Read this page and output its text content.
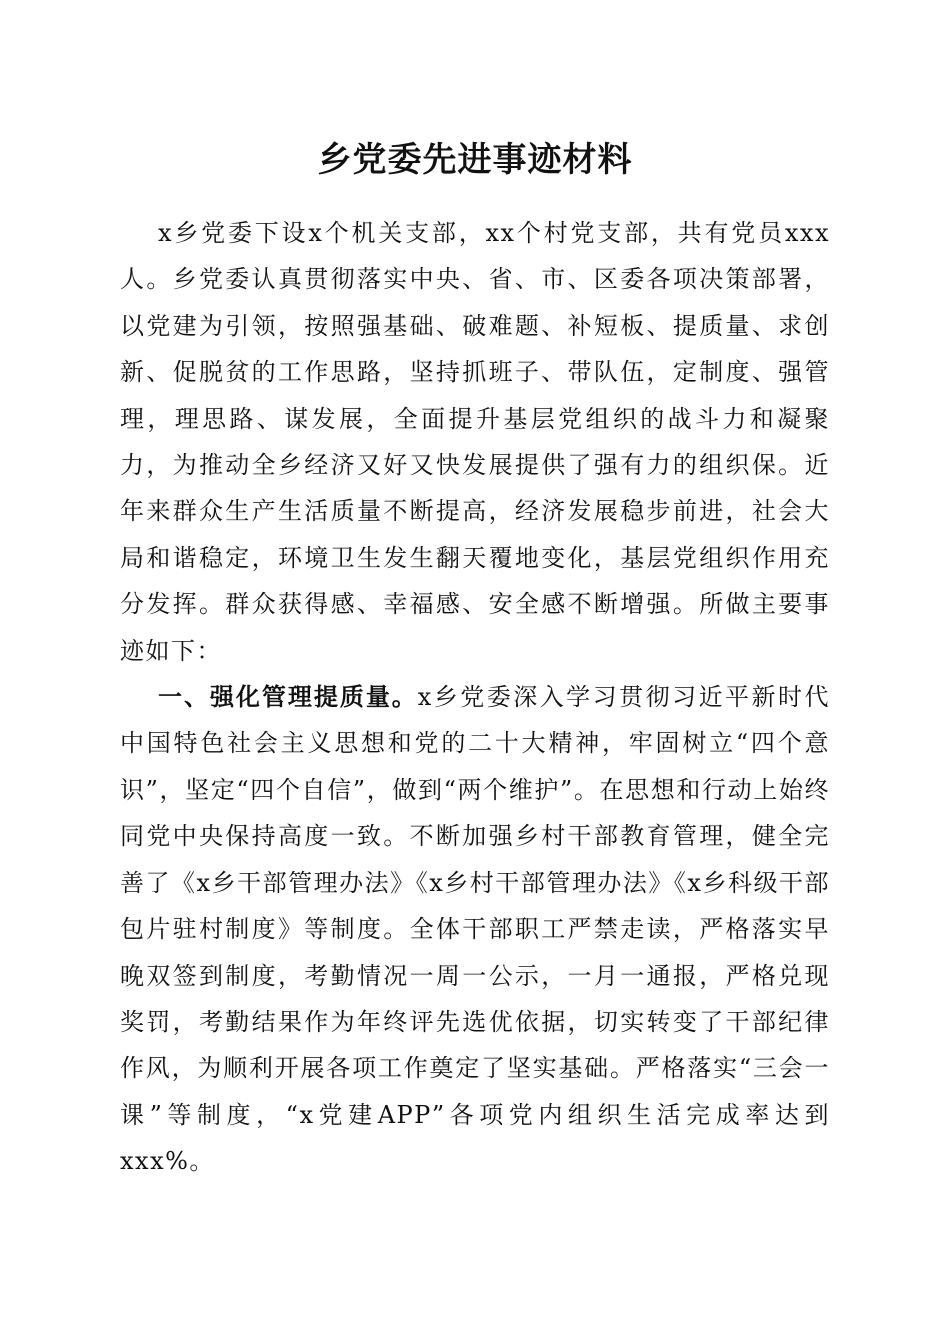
乡党委先进事迹材料

x乡党委下设x个机关支部，xx个村党支部，共有党员xxx人。乡党委认真贯彻落实中央、省、市、区委各项决策部署，以党建为引领，按照强基础、破难题、补短板、提质量、求创新、促脱贫的工作思路，坚持抓班子、带队伍，定制度、强管理，理思路、谋发展，全面提升基层党组织的战斗力和凝聚力，为推动全乡经济又好又快发展提供了强有力的组织保。近年来群众生产生活质量不断提高，经济发展稳步前进，社会大局和谐稳定，环境卫生发生翻天覆地变化，基层党组织作用充分发挥。群众获得感、幸福感、安全感不断增强。所做主要事迹如下：

一、强化管理提质量。x乡党委深入学习贯彻习近平新时代中国特色社会主义思想和党的二十大精神，牢固树立“四个意识”，坚定“四个自信”，做到“两个维护”。在思想和行动上始终同党中央保持高度一致。不断加强乡村干部教育管理，健全完善了《x乡干部管理办法》《x乡村干部管理办法》《x乡科级干部包片驻村制度》等制度。全体干部职工严禁走读，严格落实早晚双签到制度，考勤情况一周一公示，一月一通报，严格兑现奖罚，考勤结果作为年终评先选优依据，切实转变了干部纪律作风，为顺利开展各项工作奠定了坚实基础。严格落实“三会一课”等制度，“x党建APP”各项党内组织生活完成率达到xxx%。
